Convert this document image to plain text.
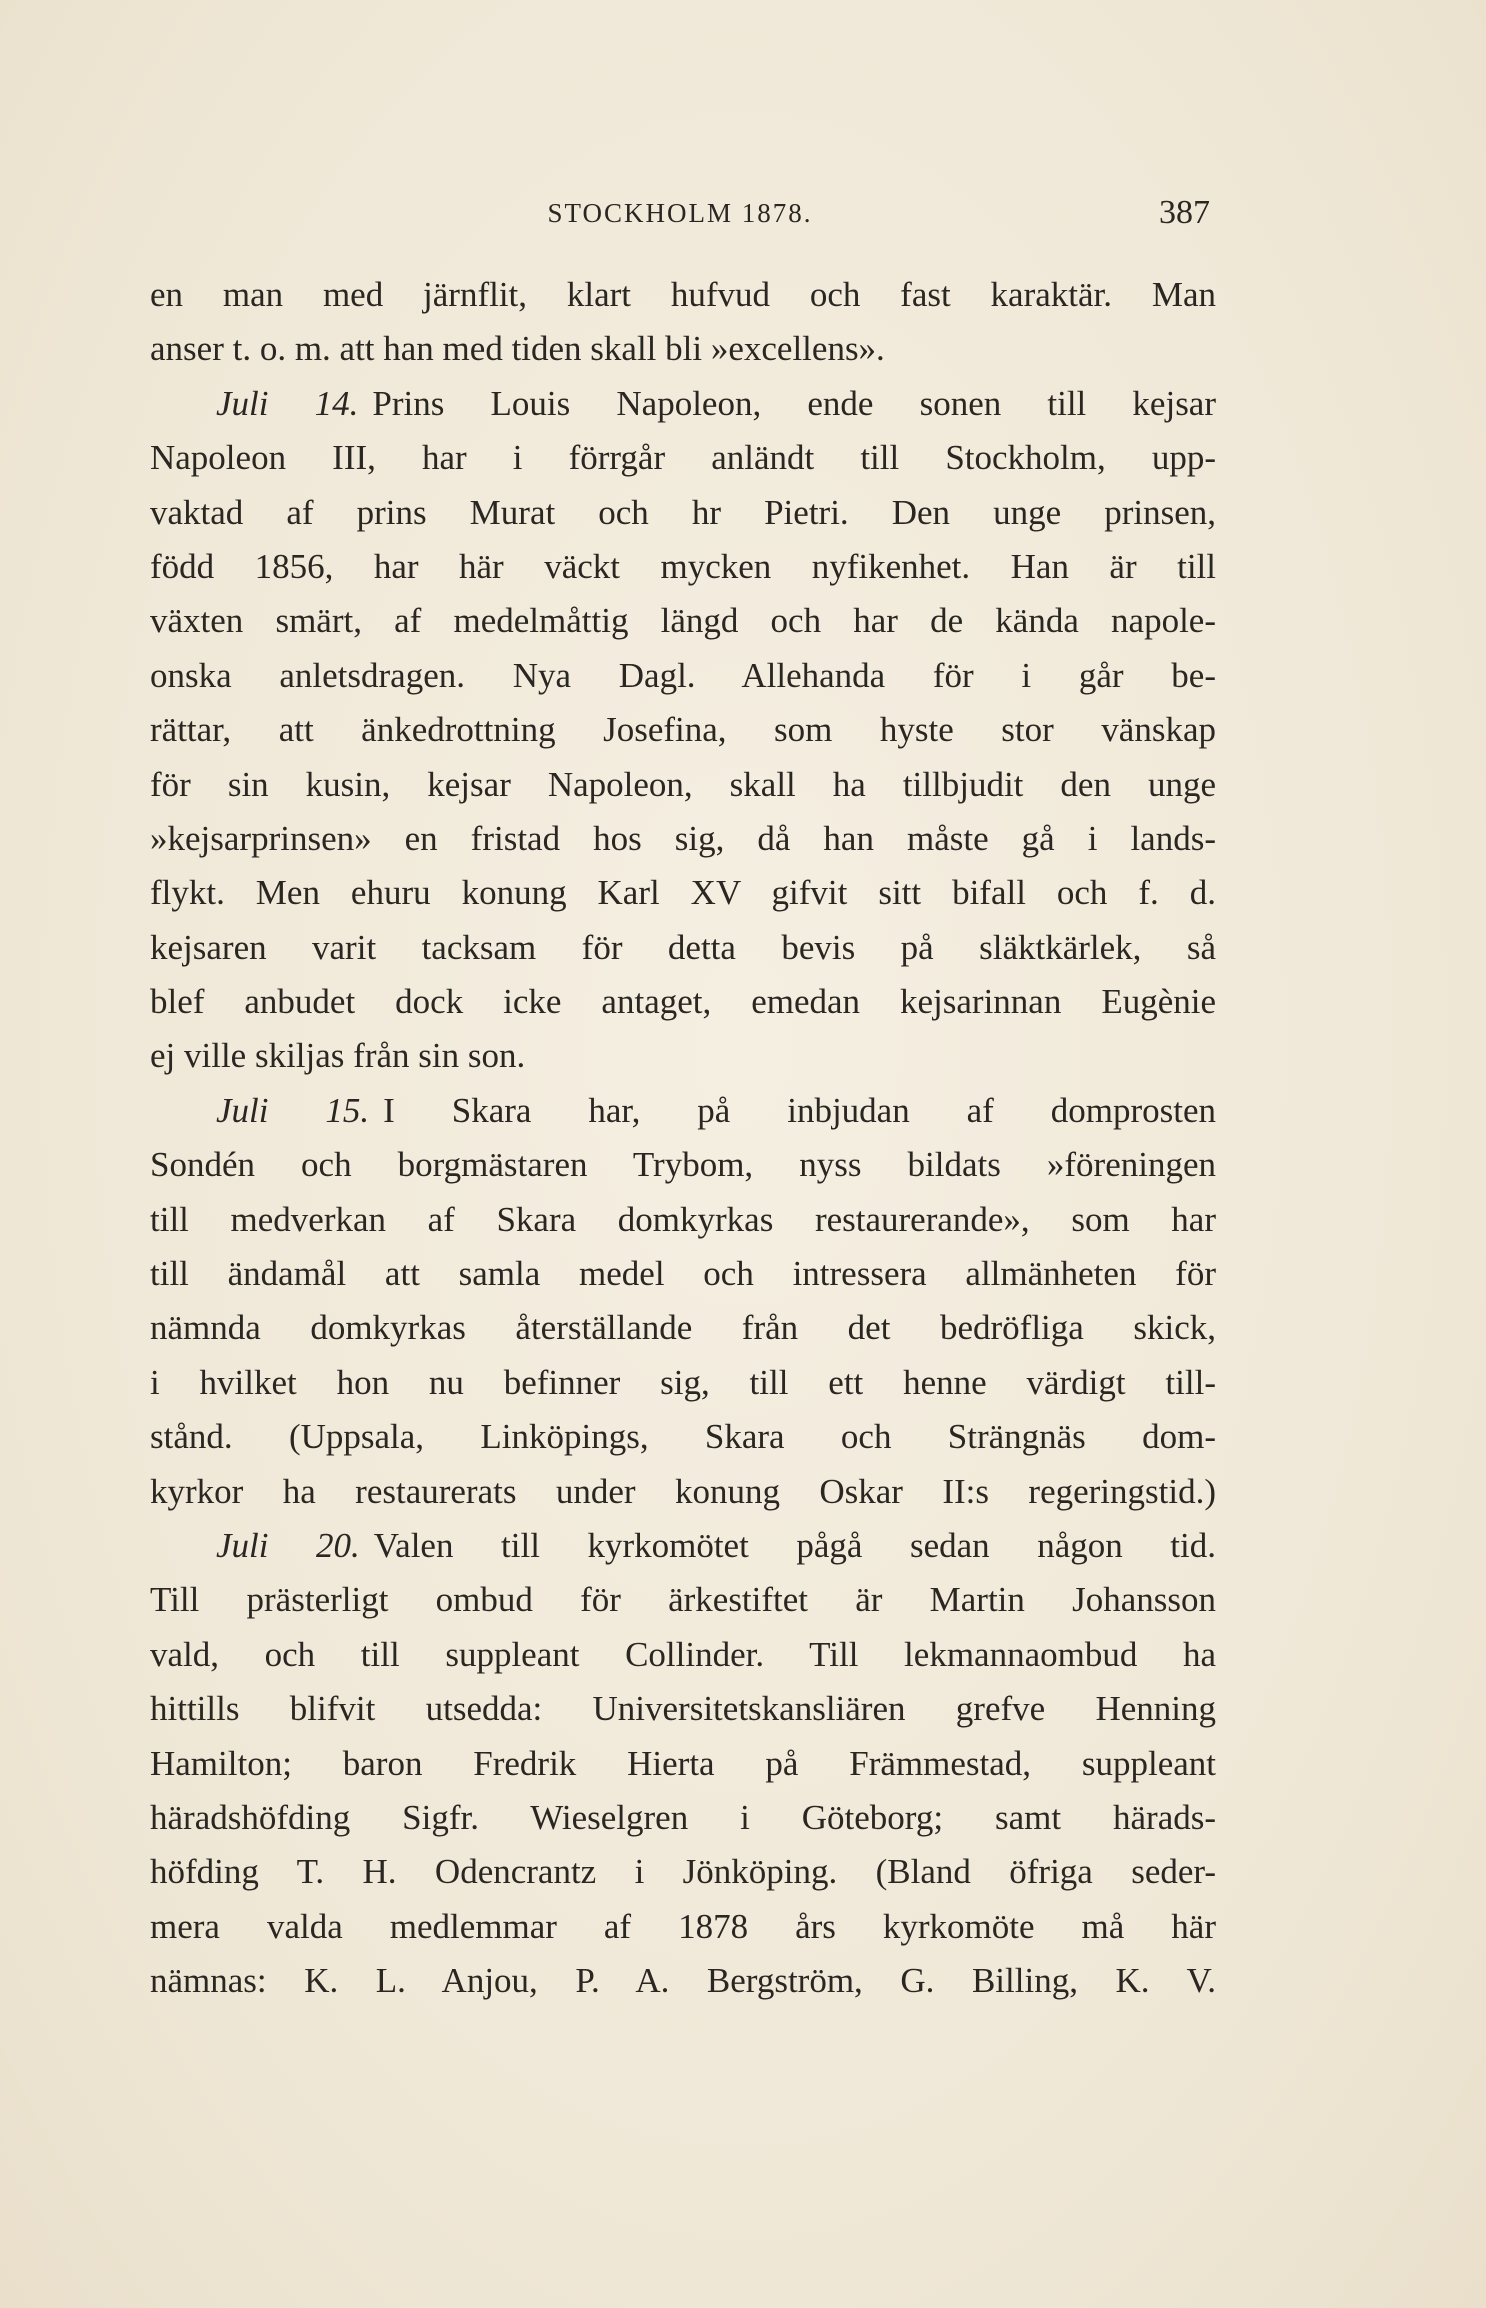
STOCKHOLM 1878.	387
en man med järnflit, klart hufvud och fast karaktär. Man
anser t. o. m. att han med tiden skall bli »excellens».
Juli 14. Prins Louis Napoleon, ende sonen till kejsar
Napoleon III, har i förrgår anländt till Stockholm, upp-
vaktad af prins Murat och hr Pietri. Den unge prinsen,
född 1856, har här väckt mycken nyfikenhet. Han är till
växten smärt, af medelmåttig längd och har de kända napole-
onska anletsdragen. Nya Dagl. Allehanda för i går be-
rättar, att änkedrottning Josefina, som hyste stor vänskap
för sin kusin, kejsar Napoleon, skall ha tillbjudit den unge
»kejsarprinsen» en fristad hos sig, då han måste gå i lands-
flykt. Men ehuru konung Karl XV gifvit sitt bifall och f. d.
kejsaren varit tacksam för detta bevis på släktkärlek, så
blef anbudet dock icke antaget, emedan kejsarinnan Eugènie
ej ville skiljas från sin son.
Juli 15. I Skara har, på inbjudan af domprosten
Sondén och borgmästaren Trybom, nyss bildats »föreningen
till medverkan af Skara domkyrkas restaurerande», som har
till ändamål att samla medel och intressera allmänheten för
nämnda domkyrkas återställande från det bedröfliga skick,
i hvilket hon nu befinner sig, till ett henne värdigt till-
stånd. (Uppsala, Linköpings, Skara och Strängnäs dom-
kyrkor ha restaurerats under konung Oskar II:s regeringstid.)
Juli 20. Valen till kyrkomötet pågå sedan någon tid.
Till prästerligt ombud för ärkestiftet är Martin Johansson
vald, och till suppleant Collinder. Till lekmannaombud ha
hittills blifvit utsedda: Universitetskansliären grefve Henning
Hamilton; baron Fredrik Hierta på Främmestad, suppleant
häradshöfding Sigfr. Wieselgren i Göteborg; samt härads-
höfding T. H. Odencrantz i Jönköping. (Bland öfriga seder-
mera valda medlemmar af 1878 års kyrkomöte må här
nämnas: K. L. Anjou, P. A. Bergström, G. Billing, K. V.
